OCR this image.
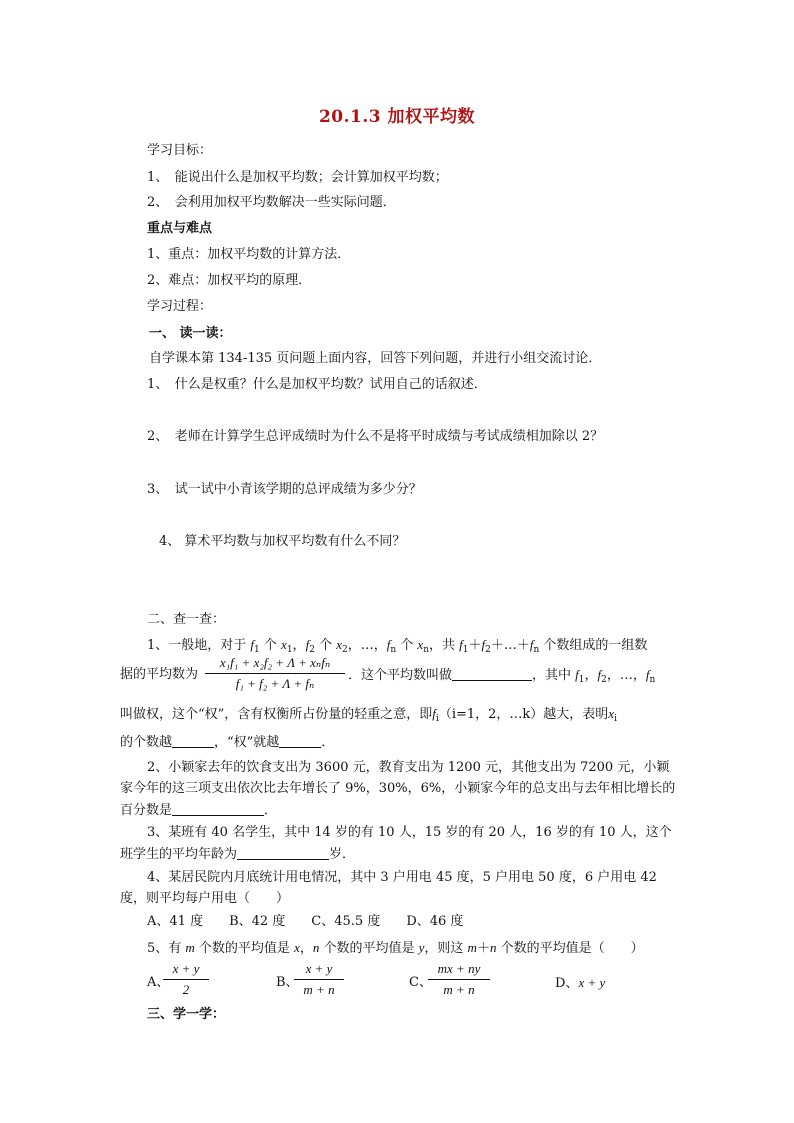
20.1.3 加权平均数
学习目标：
1、　能说出什么是加权平均数；会计算加权平均数；
2、　会利用加权平均数解决一些实际问题．
重点与难点
1、重点：加权平均数的计算方法．
2、难点：加权平均的原理．
学习过程：
一、 读一读：
自学课本第 134-135 页问题上面内容，回答下列问题，并进行小组交流讨论．
1、　什么是权重？什么是加权平均数？试用自己的话叙述．
2、　老师在计算学生总评成绩时为什么不是将平时成绩与考试成绩相加除以 2？
3、　试一试中小青该学期的总评成绩为多少分？
4、 算术平均数与加权平均数有什么不同？
二、查一查：
1、一般地，对于 $f_1$ 个 $x_1$，$f_2$ 个 $x_2$，…，$f_n$ 个 $x_n$，共 $f_1+f_2+\dots+f_n$ 个数组成的一组数
据的平均数为
x₁f₁ + x₂f₂ + Λ + xₙfₙ
f₁ + f₂ + Λ + fₙ
．这个平均数叫做	，其中 $f_1$，$f_2$，…，$f_n$
叫做权，这个“权”，含有权衡所占份量的轻重之意，即$f_i(i=1$，2，…k）越大，表明$x_i$
的个数越	，“权”就越	．
2、小颖家去年的饮食支出为 3600 元，教育支出为 1200 元，其他支出为 7200 元，小颖
家今年的这三项支出依次比去年增长了 9%，30%，6%，小颖家今年的总支出与去年相比增长的
百分数是	．
3、某班有 40 名学生，其中 14 岁的有 10 人，15 岁的有 20 人，16 岁的有 10 人，这个
班学生的平均年龄为	岁．
4、某居民院内月底统计用电情况，其中 3 户用电 45 度，5 户用电 50 度，6 户用电 42
度，则平均每户用电（　　）
A、41 度　　B、42 度　　C、45.5 度　　D、46 度
5、有 m 个数的平均值是 x，n 个数的平均值是 y，则这 m＋n 个数的平均值是（　　）
A、
x + y
2	B、
x + y
m + n	C、
mx + ny
m + n	D、x + y
三、学一学：
